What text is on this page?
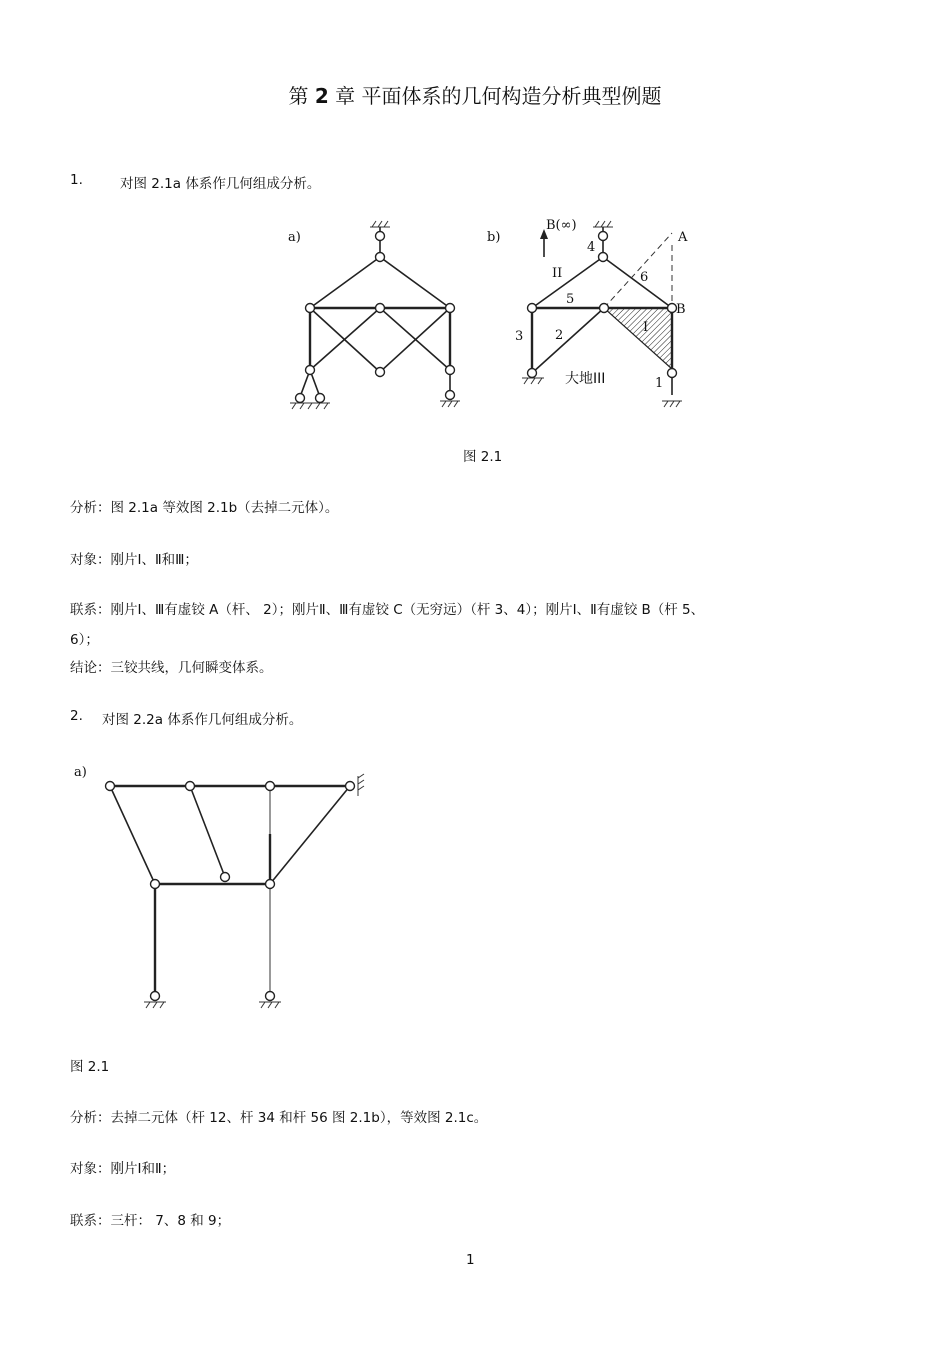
第 2 章 平面体系的几何构造分析典型例题
1.	对图 2.1a 体系作几何组成分析。
a)	b)
B(∞)
4
I
A
B
II	6
5
3 2
大地III	1
图 2.1
分析：图 2.1a 等效图 2.1b（去掉二元体）。
对象：刚片Ⅰ、Ⅱ和Ⅲ；
联系：刚片Ⅰ、Ⅲ有虚铰 A（杆、 2）；刚片Ⅱ、Ⅲ有虚铰 C（无穷远）（杆 3、4）；刚片Ⅰ、Ⅱ有虚铰 B（杆 5、
6）；
结论：三铰共线，几何瞬变体系。
2. 对图 2.2a 体系作几何组成分析。
a)
图 2.1
分析：去掉二元体（杆 12、杆 34 和杆 56 图 2.1b），等效图 2.1c。
对象：刚片Ⅰ和Ⅱ；
联系：三杆： 7、8 和 9；
1
